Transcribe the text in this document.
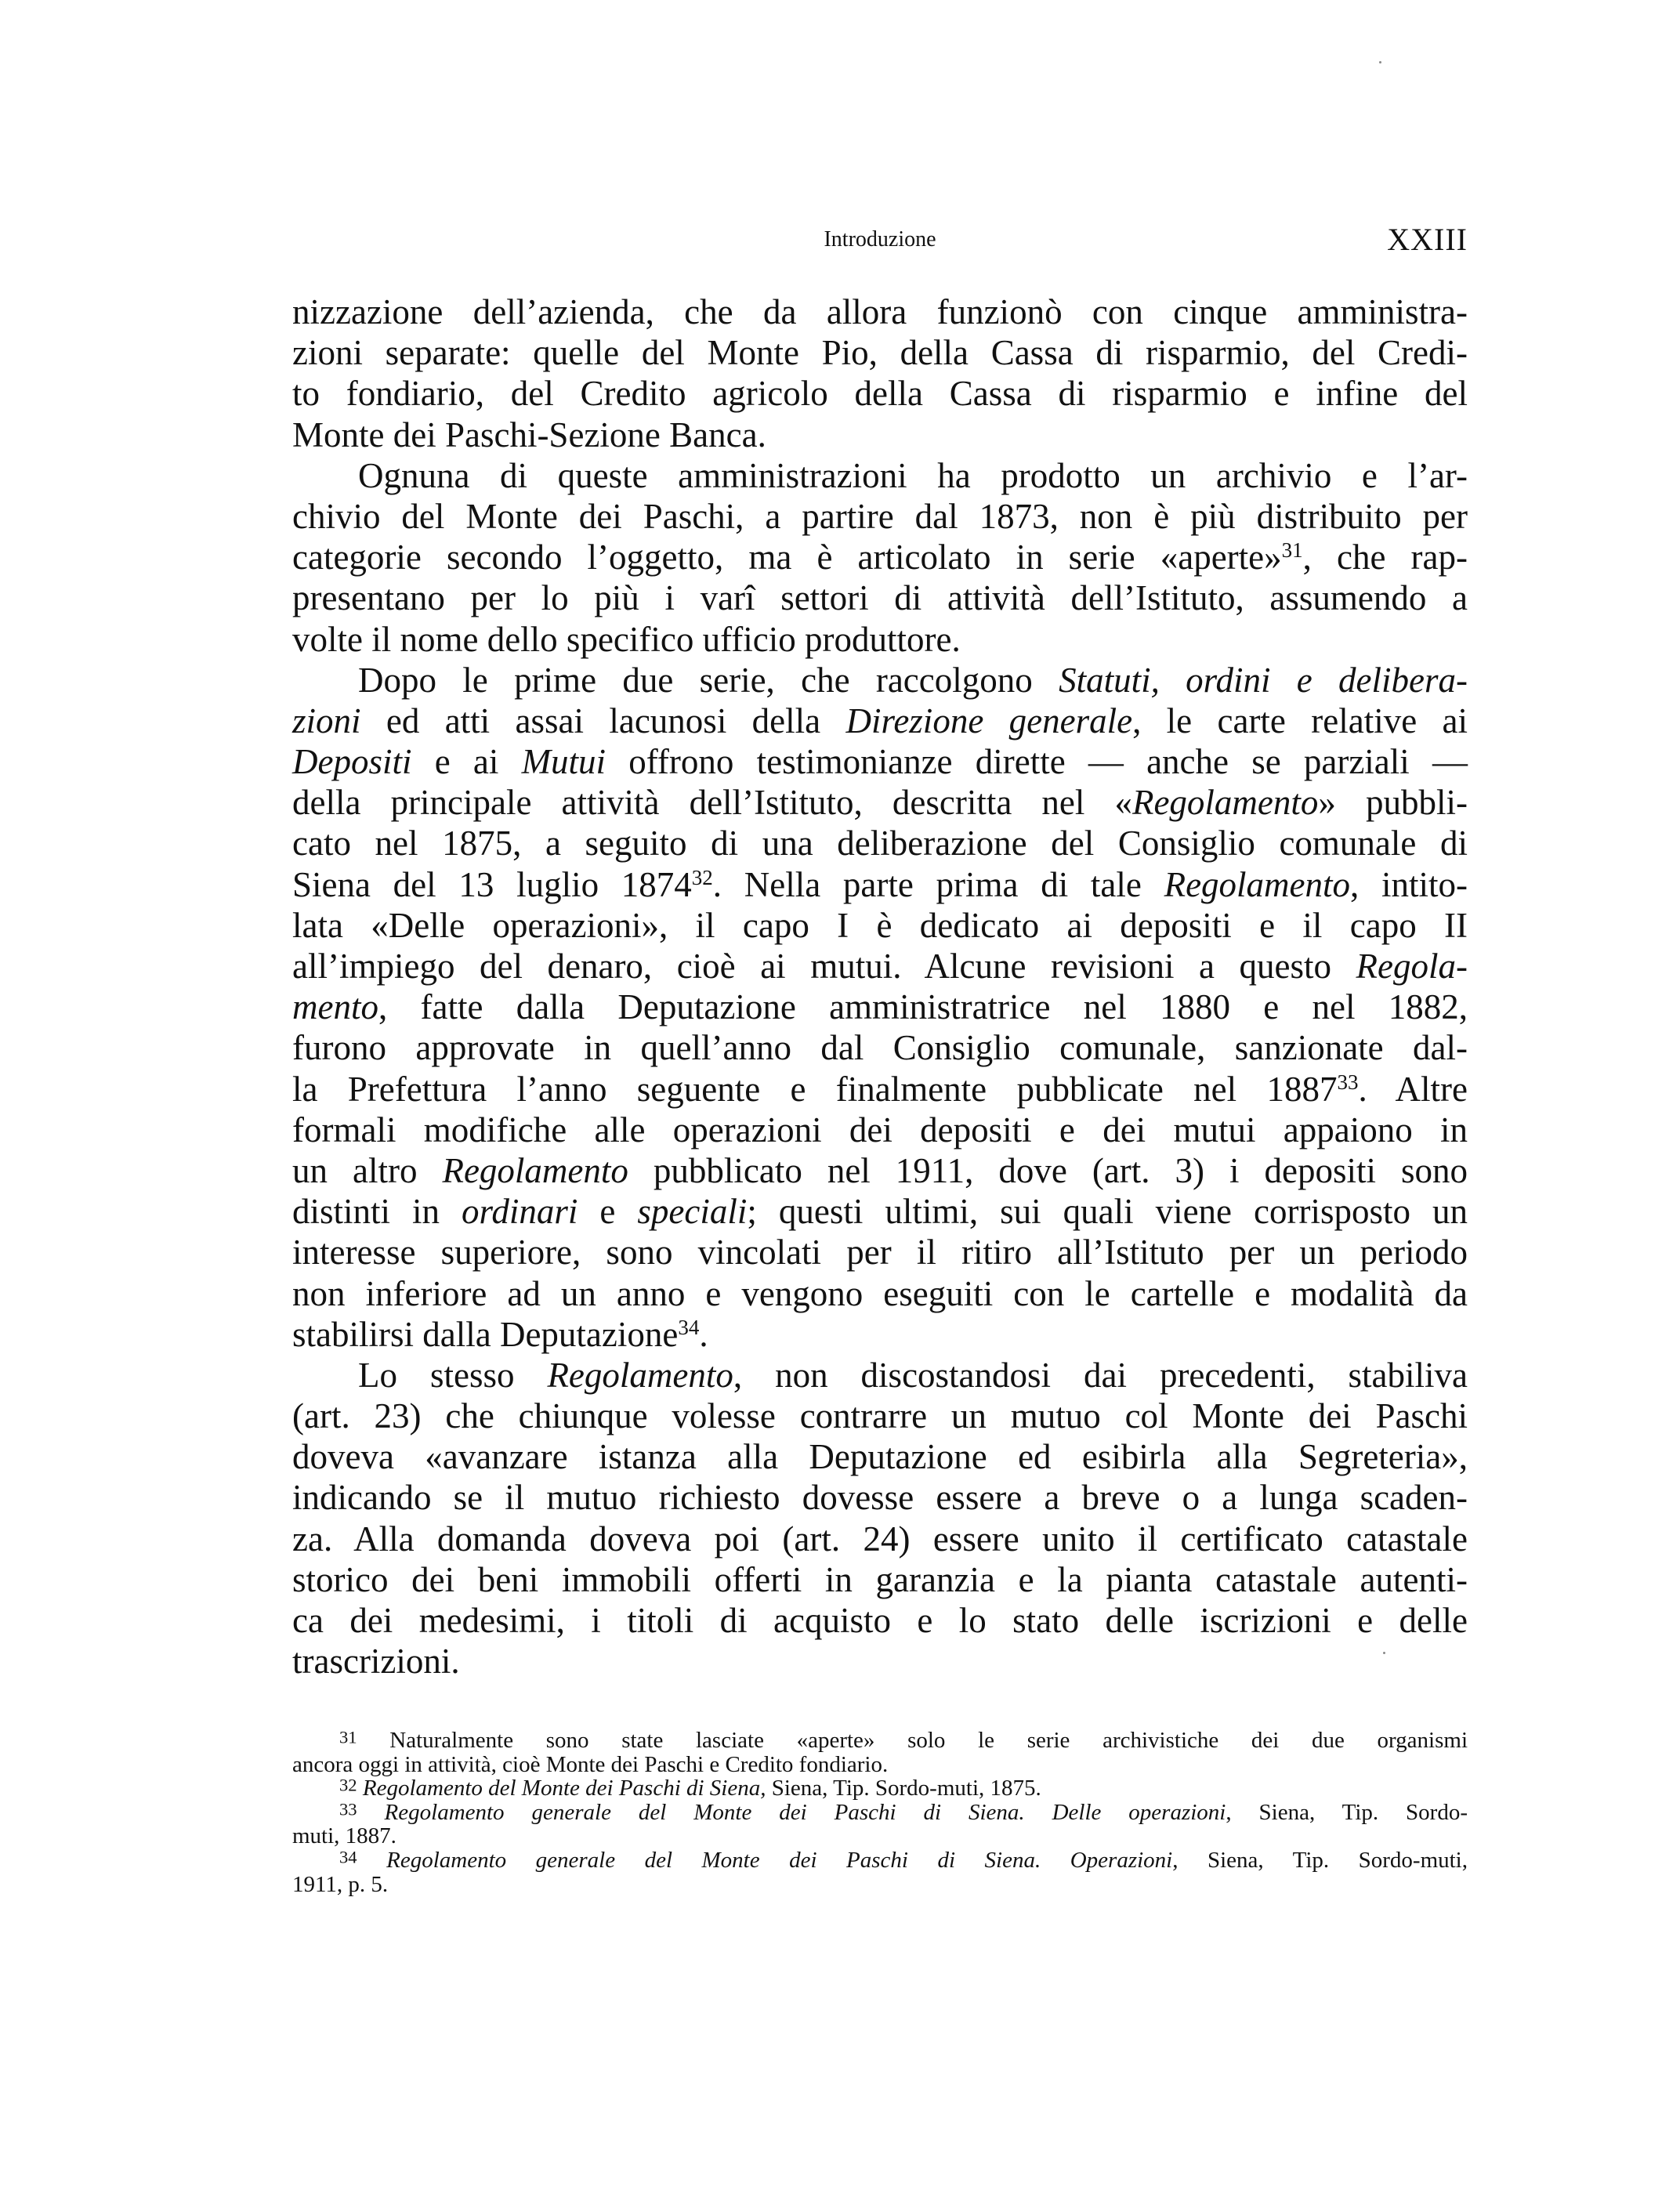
Introduzione	XXIII
nizzazione dell’azienda, che da allora funzionò con cinque amministra-
zioni separate: quelle del Monte Pio, della Cassa di risparmio, del Credi-
to fondiario, del Credito agricolo della Cassa di risparmio e infine del
Monte dei Paschi-Sezione Banca.
Ognuna di queste amministrazioni ha prodotto un archivio e l’ar-
chivio del Monte dei Paschi, a partire dal 1873, non è più distribuito per
categorie secondo l’oggetto, ma è articolato in serie «aperte»$^{31}$, che rap-
presentano per lo più i varî settori di attività dell’Istituto, assumendo a
volte il nome dello specifico ufficio produttore.
Dopo le prime due serie, che raccolgono Statuti, ordini e delibera-
zioni ed atti assai lacunosi della Direzione generale, le carte relative ai
Depositi e ai Mutui offrono testimonianze dirette — anche se parziali —
della principale attività dell’Istituto, descritta nel «Regolamento» pubbli-
cato nel 1875, a seguito di una deliberazione del Consiglio comunale di
Siena del 13 luglio 1874$^{32}$. Nella parte prima di tale Regolamento, intito-
lata «Delle operazioni», il capo I è dedicato ai depositi e il capo II
all’impiego del denaro, cioè ai mutui. Alcune revisioni a questo Regola-
mento, fatte dalla Deputazione amministratrice nel 1880 e nel 1882,
furono approvate in quell’anno dal Consiglio comunale, sanzionate dal-
la Prefettura l’anno seguente e finalmente pubblicate nel 1887$^{33}$. Altre
formali modifiche alle operazioni dei depositi e dei mutui appaiono in
un altro Regolamento pubblicato nel 1911, dove (art. 3) i depositi sono
distinti in ordinari e speciali; questi ultimi, sui quali viene corrisposto un
interesse superiore, sono vincolati per il ritiro all’Istituto per un periodo
non inferiore ad un anno e vengono eseguiti con le cartelle e modalità da
stabilirsi dalla Deputazione$^{34}$.
Lo stesso Regolamento, non discostandosi dai precedenti, stabiliva
(art. 23) che chiunque volesse contrarre un mutuo col Monte dei Paschi
doveva «avanzare istanza alla Deputazione ed esibirla alla Segreteria»,
indicando se il mutuo richiesto dovesse essere a breve o a lunga scaden-
za. Alla domanda doveva poi (art. 24) essere unito il certificato catastale
storico dei beni immobili offerti in garanzia e la pianta catastale autenti-
ca dei medesimi, i titoli di acquisto e lo stato delle iscrizioni e delle
trascrizioni.
$^{31}$ Naturalmente sono state lasciate «aperte» solo le serie archivistiche dei due organismi
ancora oggi in attività, cioè Monte dei Paschi e Credito fondiario.
$^{32}$ Regolamento del Monte dei Paschi di Siena, Siena, Tip. Sordo-muti, 1875.
$^{33}$ Regolamento generale del Monte dei Paschi di Siena. Delle operazioni, Siena, Tip. Sordo-
muti, 1887.
$^{34}$ Regolamento generale del Monte dei Paschi di Siena. Operazioni, Siena, Tip. Sordo-muti,
1911, p. 5.
